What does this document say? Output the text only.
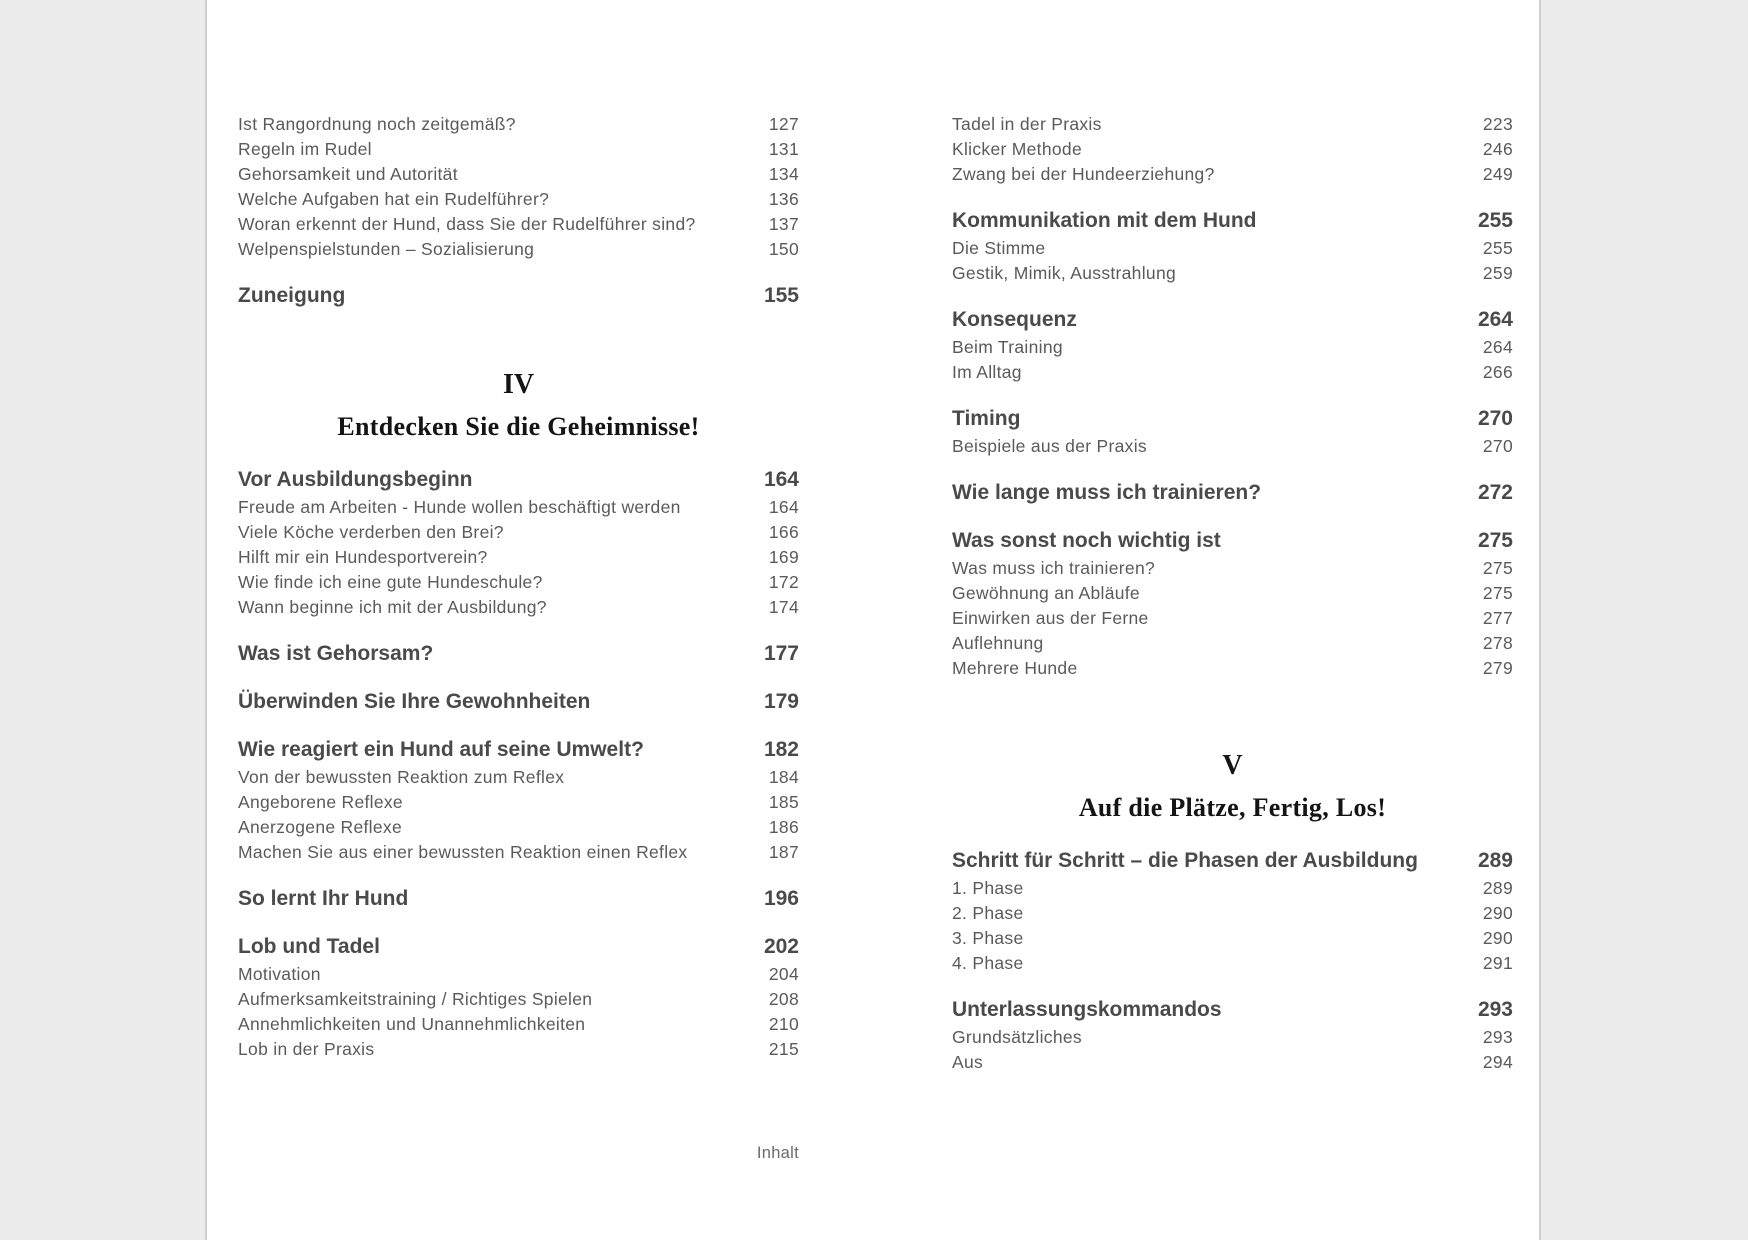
Ist Rangordnung noch zeitgemäß?	127
Regeln im Rudel	131
Gehorsamkeit und Autorität	134
Welche Aufgaben hat ein Rudelführer?	136
Woran erkennt der Hund, dass Sie der Rudelführer sind?	137
Welpenspielstunden – Sozialisierung	150
Zuneigung	155
IV
Entdecken Sie die Geheimnisse!
Vor Ausbildungsbeginn	164
Freude am Arbeiten - Hunde wollen beschäftigt werden	164
Viele Köche verderben den Brei?	166
Hilft mir ein Hundesportverein?	169
Wie finde ich eine gute Hundeschule?	172
Wann beginne ich mit der Ausbildung?	174
Was ist Gehorsam?	177
Überwinden Sie Ihre Gewohnheiten	179
Wie reagiert ein Hund auf seine Umwelt?	182
Von der bewussten Reaktion zum Reflex	184
Angeborene Reflexe	185
Anerzogene Reflexe	186
Machen Sie aus einer bewussten Reaktion einen Reflex	187
So lernt Ihr Hund	196
Lob und Tadel	202
Motivation	204
Aufmerksamkeitstraining / Richtiges Spielen	208
Annehmlichkeiten und Unannehmlichkeiten	210
Lob in der Praxis	215
Inhalt
Tadel in der Praxis	223
Klicker Methode	246
Zwang bei der Hundeerziehung?	249
Kommunikation mit dem Hund	255
Die Stimme	255
Gestik, Mimik, Ausstrahlung	259
Konsequenz	264
Beim Training	264
Im Alltag	266
Timing	270
Beispiele aus der Praxis	270
Wie lange muss ich trainieren?	272
Was sonst noch wichtig ist	275
Was muss ich trainieren?	275
Gewöhnung an Abläufe	275
Einwirken aus der Ferne	277
Auflehnung	278
Mehrere Hunde	279
V
Auf die Plätze, Fertig, Los!
Schritt für Schritt – die Phasen der Ausbildung	289
1. Phase	289
2. Phase	290
3. Phase	290
4. Phase	291
Unterlassungskommandos	293
Grundsätzliches	293
Aus	294
